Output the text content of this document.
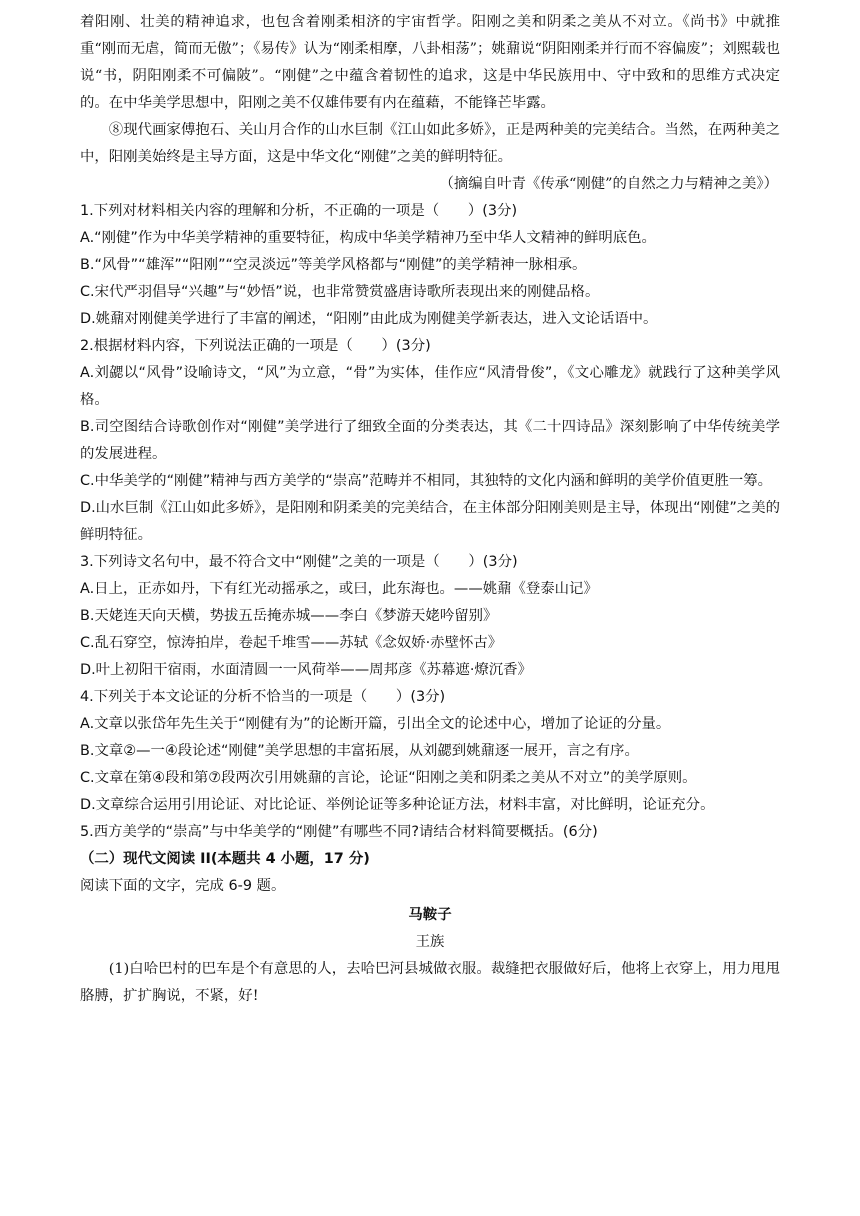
着阳刚、壮美的精神追求，也包含着刚柔相济的宇宙哲学。阳刚之美和阴柔之美从不对立。《尚书》中就推重“刚而无虐，简而无傲”；《易传》认为“刚柔相摩，八卦相荡”；姚鼐说“阴阳刚柔并行而不容偏废”；刘熙载也说“书，阴阳刚柔不可偏陂”。“刚健”之中蕴含着韧性的追求，这是中华民族用中、守中致和的思维方式决定的。在中华美学思想中，阳刚之美不仅雄伟要有内在蕴藉，不能锋芒毕露。

⑧现代画家傅抱石、关山月合作的山水巨制《江山如此多娇》，正是两种美的完美结合。当然，在两种美之中，阳刚美始终是主导方面，这是中华文化“刚健”之美的鲜明特征。

（摘编自叶青《传承“刚健”的自然之力与精神之美》）

1.下列对材料相关内容的理解和分析，不正确的一项是（　　）(3分)

A.“刚健”作为中华美学精神的重要特征，构成中华美学精神乃至中华人文精神的鲜明底色。

B.“风骨”“雄浑”“阳刚”“空灵淡远”等美学风格都与“刚健”的美学精神一脉相承。

C.宋代严羽倡导“兴趣”与“妙悟”说，也非常赞赏盛唐诗歌所表现出来的刚健品格。

D.姚鼐对刚健美学进行了丰富的阐述，“阳刚”由此成为刚健美学新表达，进入文论话语中。

2.根据材料内容，下列说法正确的一项是（　　）(3分)

A.刘勰以“风骨”设喻诗文，“风”为立意，“骨”为实体，佳作应“风清骨俊”，《文心雕龙》就践行了这种美学风格。

B.司空图结合诗歌创作对“刚健”美学进行了细致全面的分类表达，其《二十四诗品》深刻影响了中华传统美学的发展进程。

C.中华美学的“刚健”精神与西方美学的“崇高”范畴并不相同，其独特的文化内涵和鲜明的美学价值更胜一筹。

D.山水巨制《江山如此多娇》，是阳刚和阴柔美的完美结合，在主体部分阳刚美则是主导，体现出“刚健”之美的鲜明特征。

3.下列诗文名句中，最不符合文中“刚健”之美的一项是（　　）(3分)

A.日上，正赤如丹，下有红光动摇承之，或曰，此东海也。——姚鼐《登泰山记》

B.天姥连天向天横，势拔五岳掩赤城——李白《梦游天姥吟留别》

C.乱石穿空，惊涛拍岸，卷起千堆雪——苏轼《念奴娇·赤壁怀古》

D.叶上初阳干宿雨，水面清圆一一风荷举——周邦彦《苏幕遮·燎沉香》

4.下列关于本文论证的分析不恰当的一项是（　　）(3分)

A.文章以张岱年先生关于“刚健有为”的论断开篇，引出全文的论述中心，增加了论证的分量。

B.文章②—一④段论述“刚健”美学思想的丰富拓展，从刘勰到姚鼐逐一展开，言之有序。

C.文章在第④段和第⑦段两次引用姚鼐的言论，论证“阳刚之美和阴柔之美从不对立”的美学原则。

D.文章综合运用引用论证、对比论证、举例论证等多种论证方法，材料丰富，对比鲜明，论证充分。

5.西方美学的“崇高”与中华美学的“刚健”有哪些不同?请结合材料简要概括。(6分)

（二）现代文阅读 II(本题共 4 小题，17 分)

阅读下面的文字，完成 6-9 题。

马鞍子

王族

(1)白哈巴村的巴车是个有意思的人，去哈巴河县城做衣服。裁缝把衣服做好后，他将上衣穿上，用力甩甩胳膊，扩扩胸说，不紧，好!
